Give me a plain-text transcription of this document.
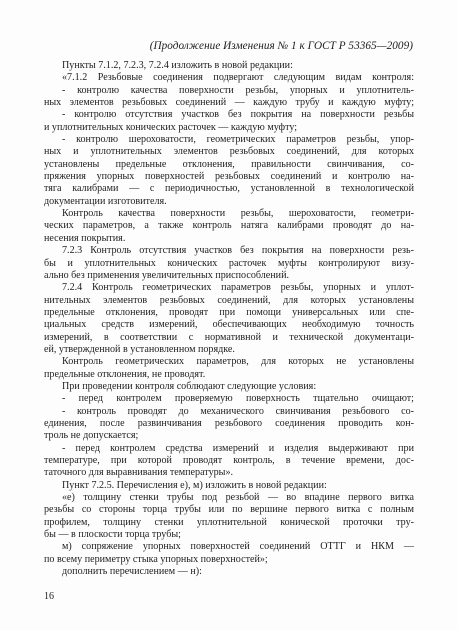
(Продолжение Изменения № 1 к ГОСТ Р 53365—2009)
Пункты 7.1.2, 7.2.3, 7.2.4 изложить в новой редакции:
«7.1.2 Резьбовые соединения подвергают следующим видам контроля:
- контролю качества поверхности резьбы, упорных и уплотнитель-
ных элементов резьбовых соединений — каждую трубу и каждую муфту;
- контролю отсутствия участков без покрытия на поверхности резьбы
и уплотнительных конических расточек — каждую муфту;
- контролю шероховатости, геометрических параметров резьбы, упор-
ных и уплотнительных элементов резьбовых соединений, для которых
установлены предельные отклонения, правильности свинчивания, со-
пряжения упорных поверхностей резьбовых соединений и контролю на-
тяга калибрами — с периодичностью, установленной в технологической
документации изготовителя.
Контроль качества поверхности резьбы, шероховатости, геометри-
ческих параметров, а также контроль натяга калибрами проводят до на-
несения покрытия.
7.2.3 Контроль отсутствия участков без покрытия на поверхности резь-
бы и уплотнительных конических расточек муфты контролируют визу-
ально без применения увеличительных приспособлений.
7.2.4 Контроль геометрических параметров резьбы, упорных и уплот-
нительных элементов резьбовых соединений, для которых установлены
предельные отклонения, проводят при помощи универсальных или спе-
циальных средств измерений, обеспечивающих необходимую точность
измерений, в соответствии с нормативной и технической документаци-
ей, утвержденной в установленном порядке.
Контроль геометрических параметров, для которых не установлены
предельные отклонения, не проводят.
При проведении контроля соблюдают следующие условия:
- перед контролем проверяемую поверхность тщательно очищают;
- контроль проводят до механического свинчивания резьбового со-
единения, после развинчивания резьбового соединения проводить кон-
троль не допускается;
- перед контролем средства измерений и изделия выдерживают при
температуре, при которой проводят контроль, в течение времени, дос-
таточного для выравнивания температуры».
Пункт 7.2.5. Перечисления е), м) изложить в новой редакции:
«е) толщину стенки трубы под резьбой — во впадине первого витка
резьбы со стороны торца трубы или по вершине первого витка с полным
профилем, толщину стенки уплотнительной конической проточки тру-
бы — в плоскости торца трубы;
м) сопряжение упорных поверхностей соединений ОТТГ и НКМ —
по всему периметру стыка упорных поверхностей»;
дополнить перечислением — н):
16
